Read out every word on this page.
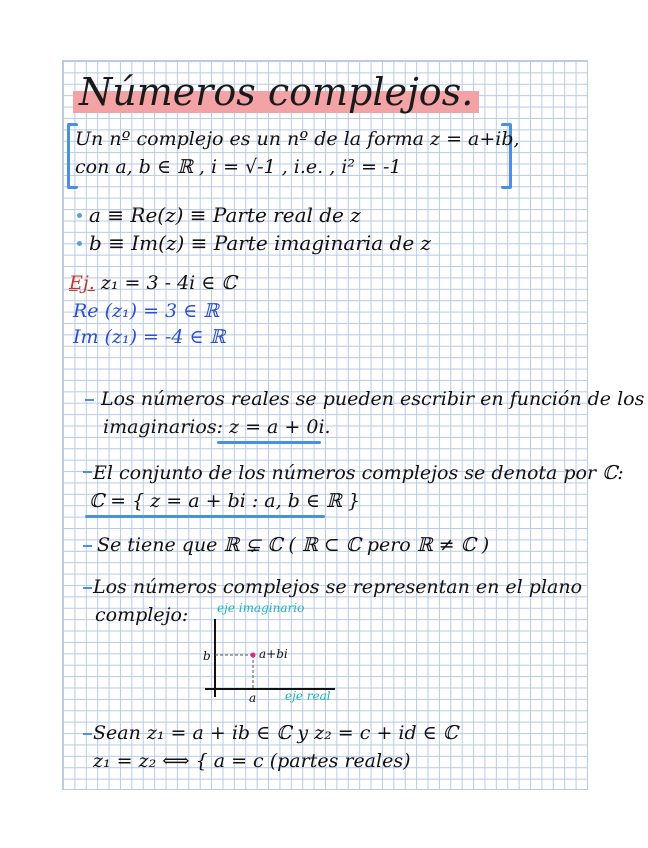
Números complejos.
Un nº complejo es un nº de la forma z = a+ib,
con a, b ∈ ℝ , i = √-1 , i.e. , i² = -1
a ≡ Re(z) ≡ Parte real de z
b ≡ Im(z) ≡ Parte imaginaria de z
Ej. z₁ = 3 - 4i ∈ ℂ
Re (z₁) = 3 ∈ ℝ
Im (z₁) = -4 ∈ ℝ
Los números reales se pueden escribir en función de los
imaginarios: z = a + 0i.
El conjunto de los números complejos se denota por ℂ:
ℂ = { z = a + bi : a, b ∈ ℝ }
Se tiene que ℝ ⊊ ℂ ( ℝ ⊂ ℂ pero ℝ ≠ ℂ )
Los números complejos se representan en el plano
complejo: eje imaginario
eje real
a+bi
b
a
Sean z₁ = a + ib ∈ ℂ y z₂ = c + id ∈ ℂ
z₁ = z₂ ⟺ { a = c (partes reales)
